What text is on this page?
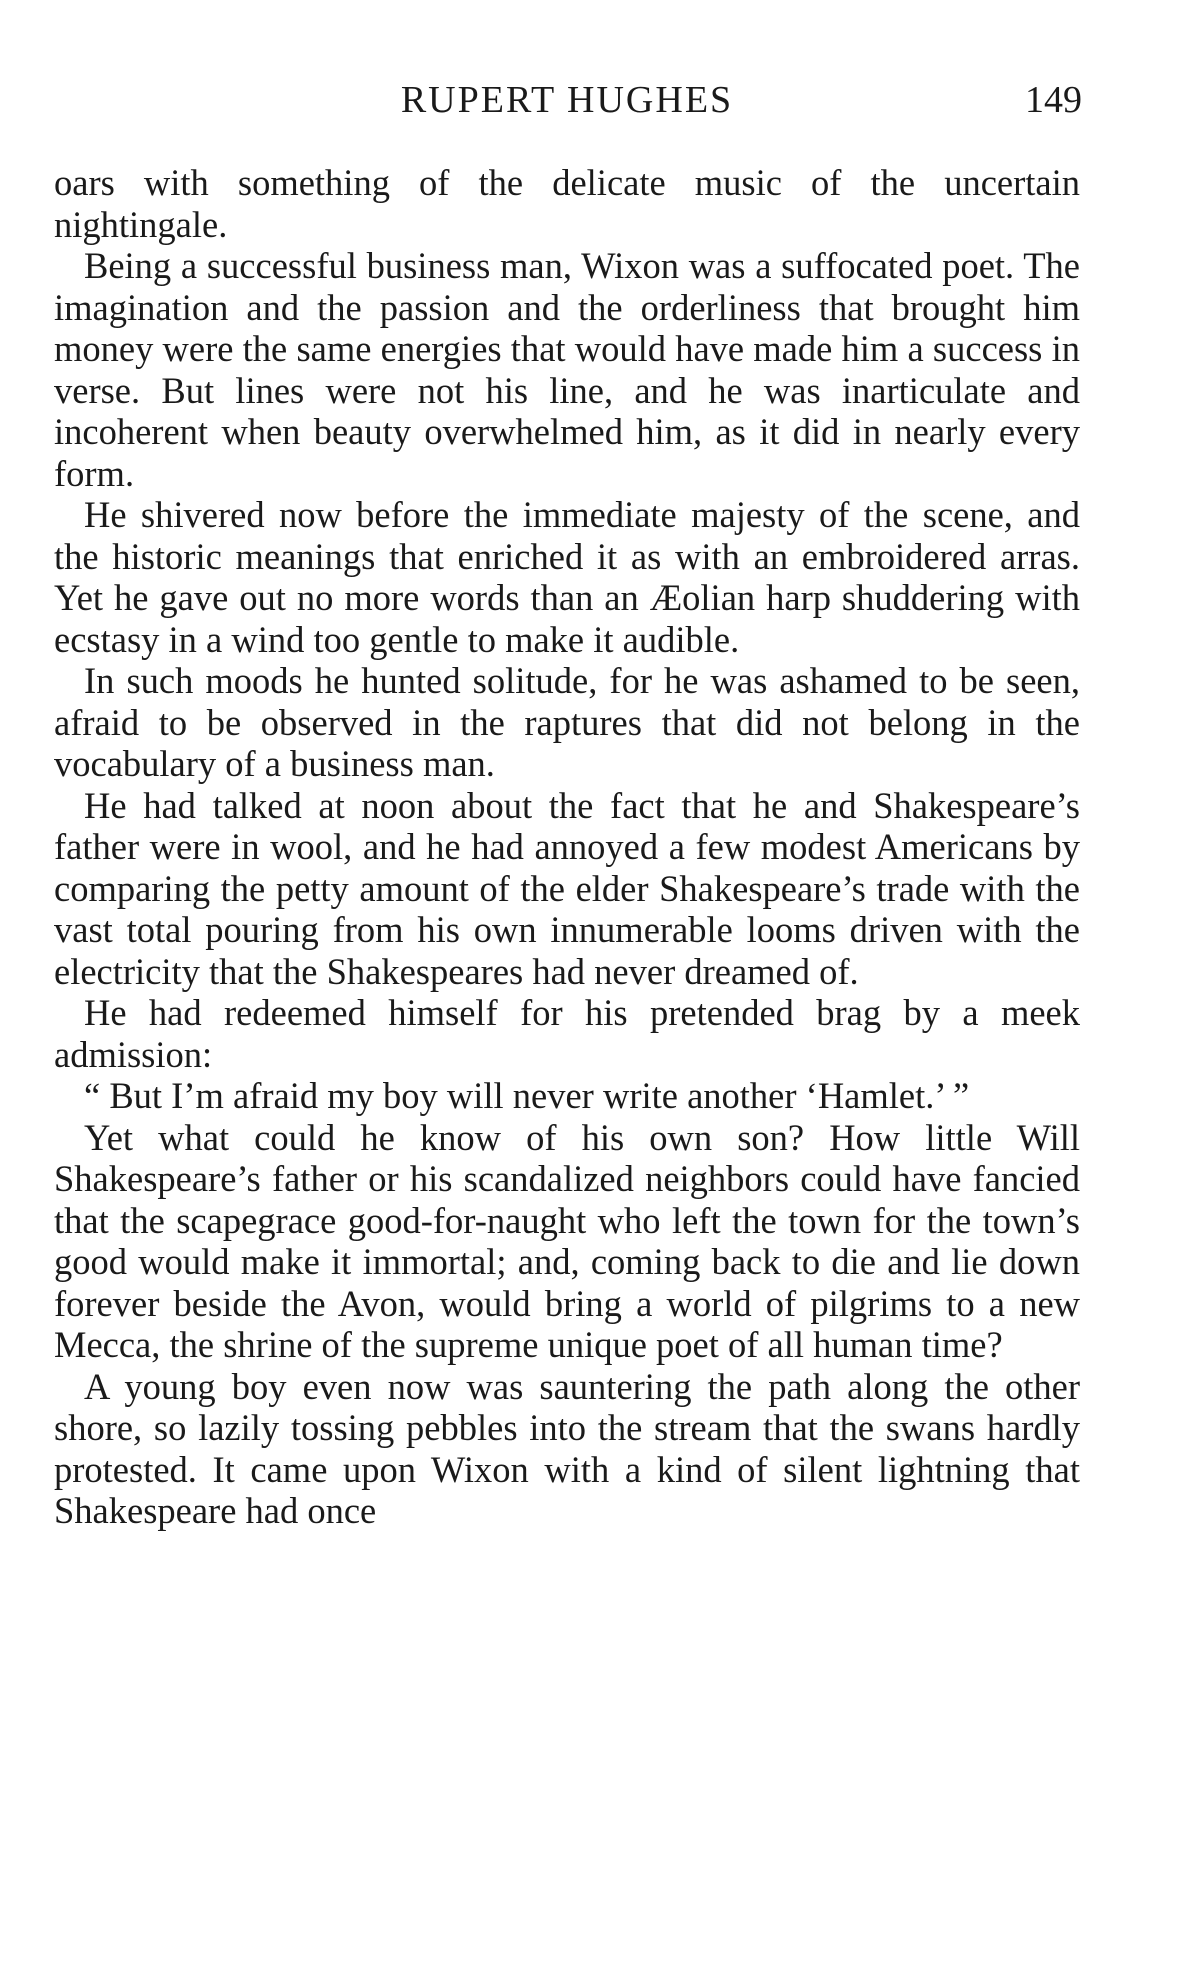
RUPERT HUGHES	149

oars with something of the delicate music of the uncertain nightingale.

Being a successful business man, Wixon was a suffocated poet. The imagination and the passion and the orderliness that brought him money were the same energies that would have made him a success in verse. But lines were not his line, and he was inarticulate and incoherent when beauty overwhelmed him, as it did in nearly every form.

He shivered now before the immediate majesty of the scene, and the historic meanings that enriched it as with an embroidered arras. Yet he gave out no more words than an Æolian harp shuddering with ecstasy in a wind too gentle to make it audible.

In such moods he hunted solitude, for he was ashamed to be seen, afraid to be observed in the raptures that did not belong in the vocabulary of a business man.

He had talked at noon about the fact that he and Shakespeare’s father were in wool, and he had annoyed a few modest Americans by comparing the petty amount of the elder Shakespeare’s trade with the vast total pouring from his own innumerable looms driven with the electricity that the Shakespeares had never dreamed of.

He had redeemed himself for his pretended brag by a meek admission:

“ But I’m afraid my boy will never write another ‘Hamlet.’ ”

Yet what could he know of his own son? How little Will Shakespeare’s father or his scandalized neighbors could have fancied that the scapegrace good-for-naught who left the town for the town’s good would make it immortal; and, coming back to die and lie down forever beside the Avon, would bring a world of pilgrims to a new Mecca, the shrine of the supreme unique poet of all human time?

A young boy even now was sauntering the path along the other shore, so lazily tossing pebbles into the stream that the swans hardly protested. It came upon Wixon with a kind of silent lightning that Shakespeare had once
